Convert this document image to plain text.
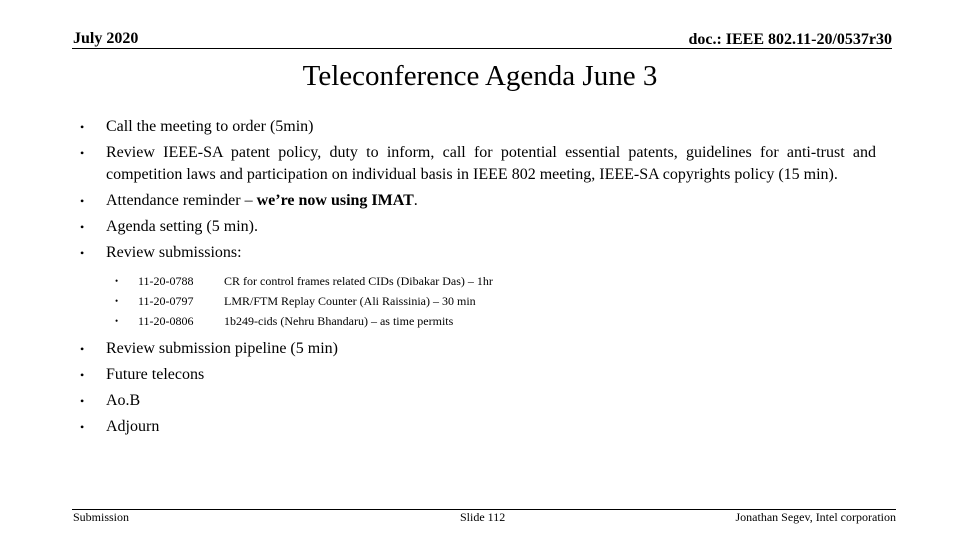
July 2020	doc.: IEEE 802.11-20/0537r30
Teleconference Agenda June 3
• Call the meeting to order (5min)
• Review IEEE-SA patent policy, duty to inform, call for potential essential patents, guidelines for anti-trust and competition laws and participation on individual basis in IEEE 802 meeting, IEEE-SA copyrights policy (15 min).
• Attendance reminder – we’re now using IMAT.
• Agenda setting (5 min).
• Review submissions:
• 11-20-0788	CR for control frames related CIDs (Dibakar Das) – 1hr
• 11-20-0797	LMR/FTM Replay Counter (Ali Raissinia) – 30 min
• 11-20-0806	1b249-cids (Nehru Bhandaru) – as time permits
• Review submission pipeline (5 min)
• Future telecons
• Ao.B
• Adjourn
Submission	Slide 112	Jonathan Segev, Intel corporation
